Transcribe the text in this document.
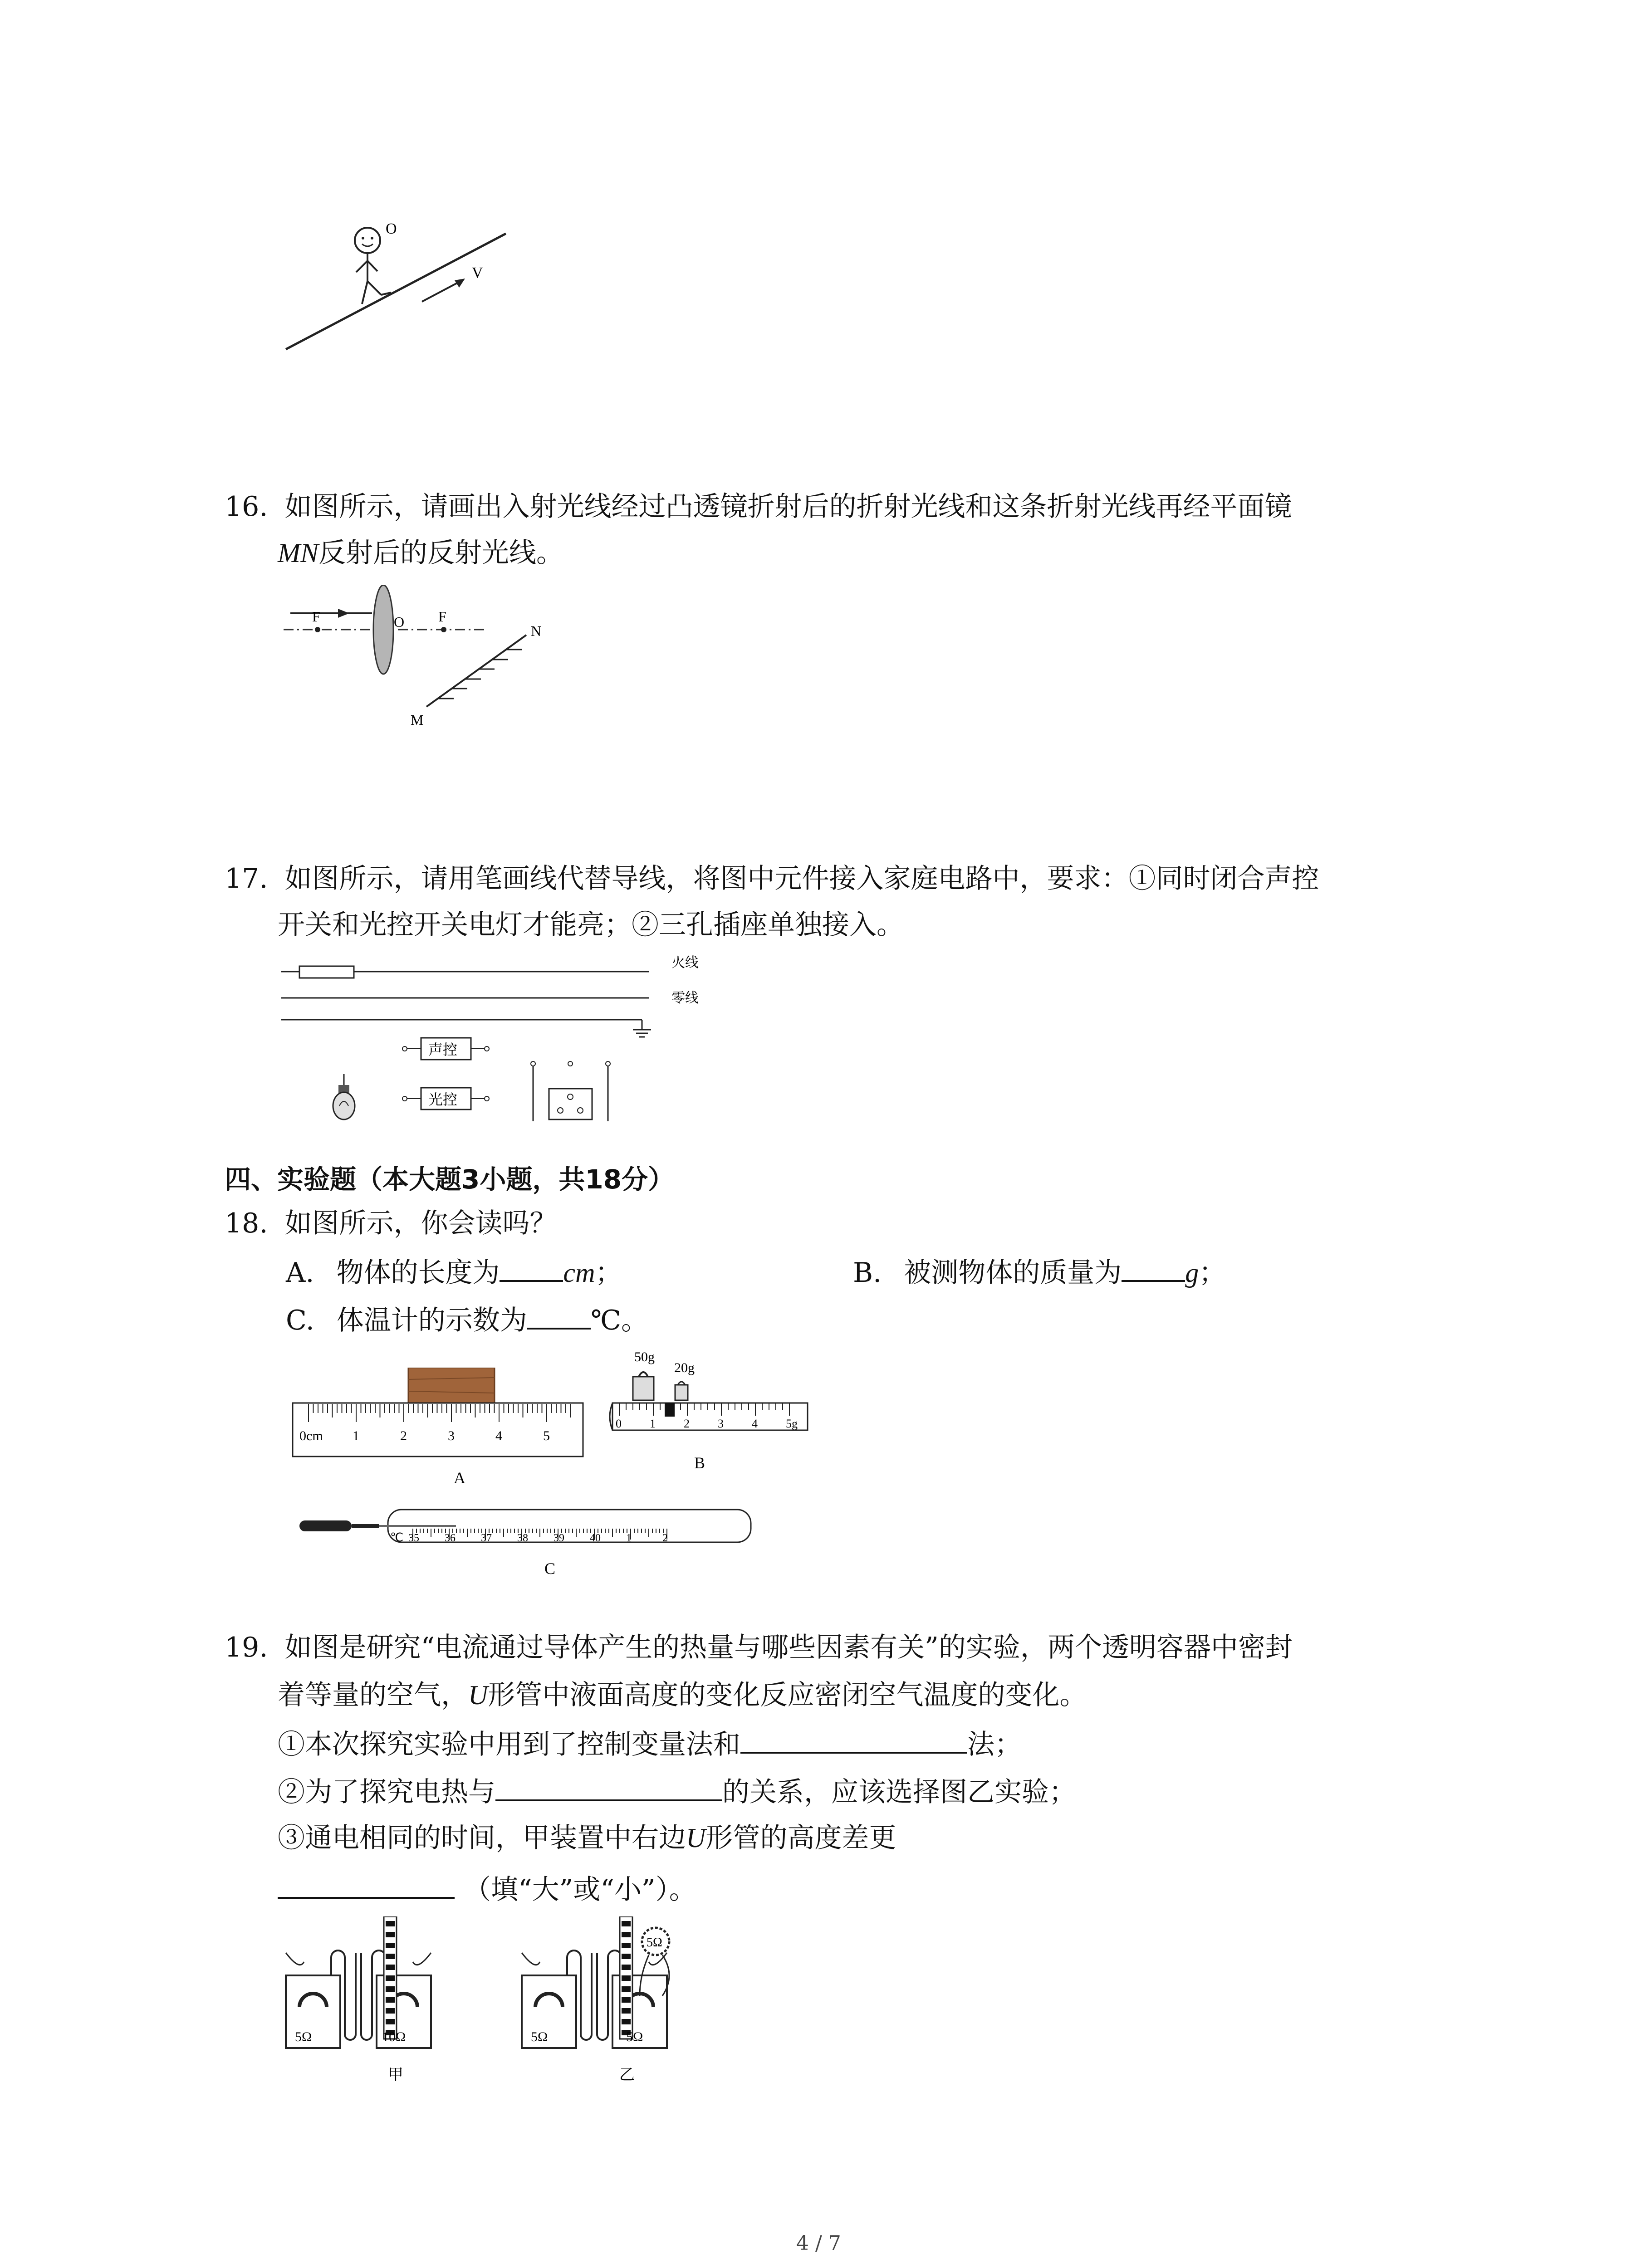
O
V
16. 如图所示，请画出入射光线经过凸透镜折射后的折射光线和这条折射光线再经平面镜
MN反射后的反射光线。
F	O F
N
M
17. 如图所示，请用笔画线代替导线，将图中元件接入家庭电路中，要求：①同时闭合声控
开关和光控开关电灯才能亮；②三孔插座单独接入。
火线
零线
声控
光控
四、实验题（本大题3小题，共18分）
18. 如图所示，你会读吗？
A. 物体的长度为 cm；	B. 被测物体的质量为 g；
C. 体温计的示数为 ℃。
0cm 1	2	3	4	5
A
50g
20g
0 1 2 3 4 5g
B
℃ 35 36 37 38 39 40 1	2
C
19. 如图是研究“电流通过导体产生的热量与哪些因素有关”的实验，两个透明容器中密封
着等量的空气，U形管中液面高度的变化反应密闭空气温度的变化。
①本次探究实验中用到了控制变量法和	法；
②为了探究电热与	的关系，应该选择图乙实验；
③通电相同的时间，甲装置中右边U形管的高度差更
（填“大”或“小”）。
5Ω	10Ω
甲
5Ω
5Ω	5Ω
乙
4 / 7
